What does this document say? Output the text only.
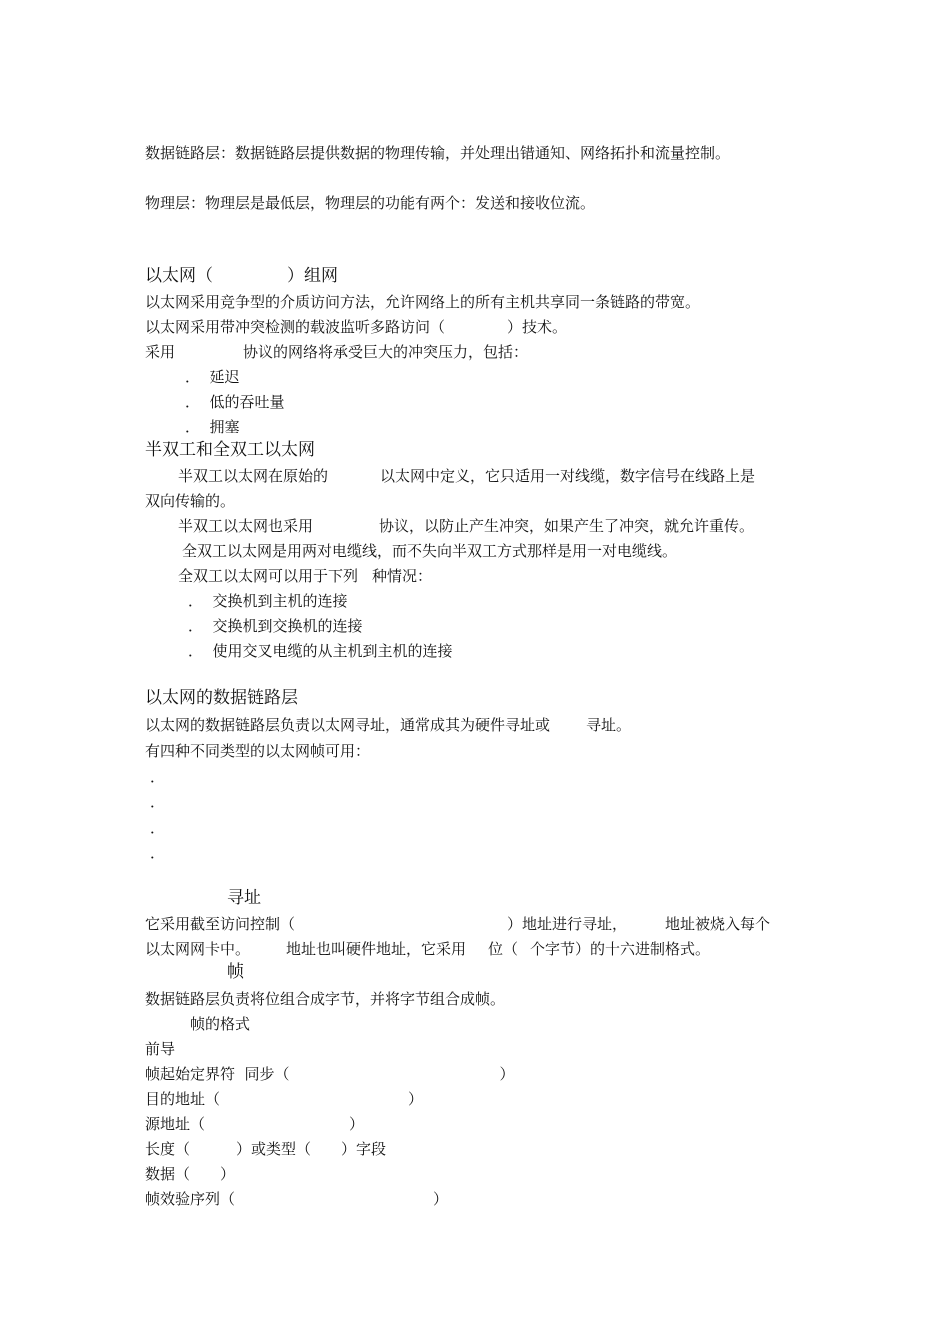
数据链路层：数据链路层提供数据的物理传输，并处理出错通知、网络拓扑和流量控制。
物理层：物理层是最低层，物理层的功能有两个：发送和接收位流。
以太网（	）组网
以太网采用竞争型的介质访问方法，允许网络上的所有主机共享同一条链路的带宽。
以太网采用带冲突检测的载波监听多路访问（	）技术。
采用	协议的网络将承受巨大的冲突压力，包括：
．  延迟
．  低的吞吐量
．  拥塞
半双工和全双工以太网
半双工以太网在原始的	以太网中定义，它只适用一对线缆，数字信号在线路上是
双向传输的。
半双工以太网也采用	协议，以防止产生冲突，如果产生了冲突，就允许重传。
全双工以太网是用两对电缆线，而不失向半双工方式那样是用一对电缆线。
全双工以太网可以用于下列 种情况：
．  交换机到主机的连接
．  交换机到交换机的连接
．  使用交叉电缆的从主机到主机的连接
以太网的数据链路层
以太网的数据链路层负责以太网寻址，通常成其为硬件寻址或 寻址。
有四种不同类型的以太网帧可用：
．
．
．
．
寻址
它采用截至访问控制（	）地址进行寻址，	地址被烧入每个
以太网网卡中。 地址也叫硬件地址，它采用 位（ 个字节）的十六进制格式。
帧
数据链路层负责将位组合成字节，并将字节组合成帧。
帧的格式
前导
帧起始定界符  同步（	）
目的地址（	）
源地址（	）
长度（	）或类型（ ）字段
数据（ ）
帧效验序列（	）
